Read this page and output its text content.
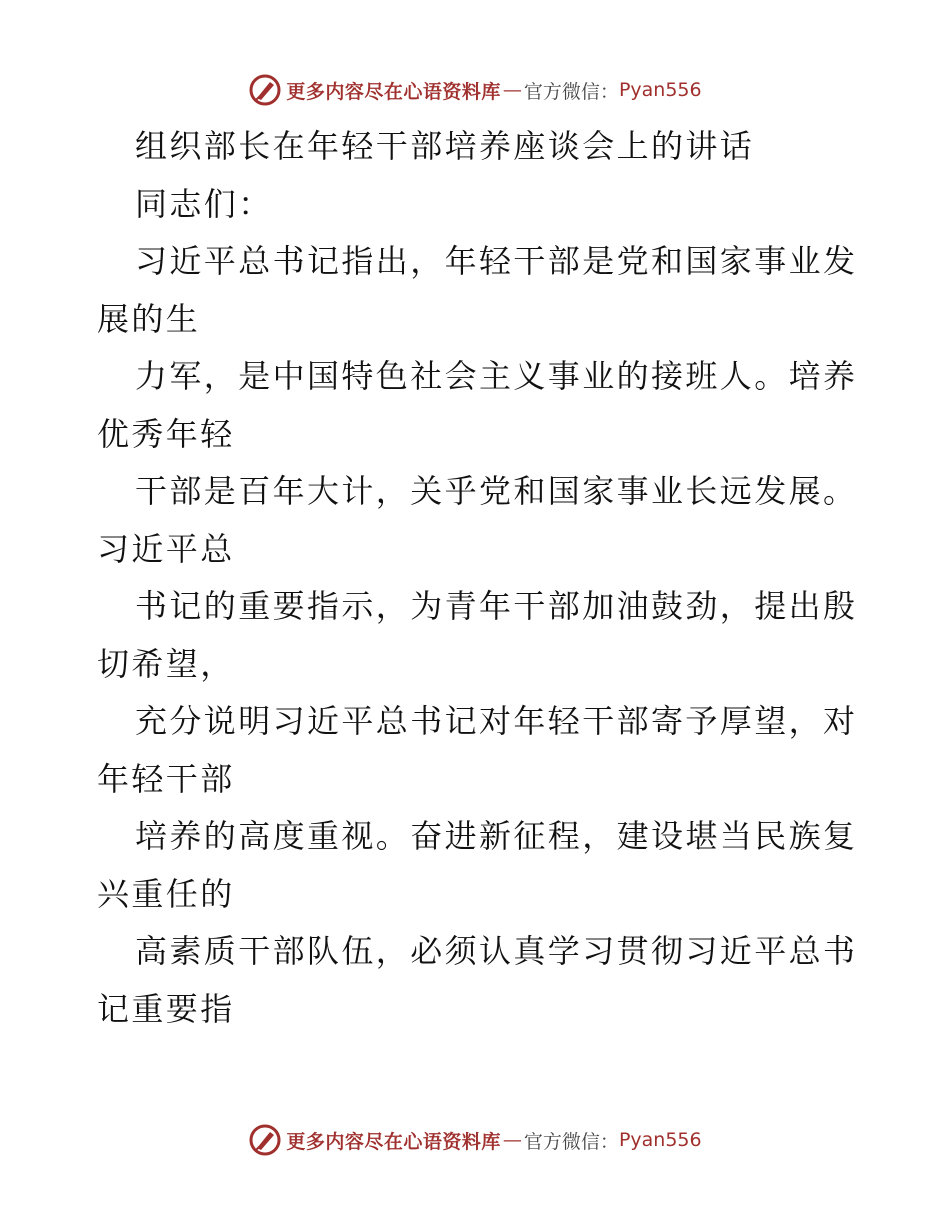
更多内容尽在心语资料库 — 官方微信： Pyan556
组织部长在年轻干部培养座谈会上的讲话
同志们：
习近平总书记指出，年轻干部是党和国家事业发
展的生
力军，是中国特色社会主义事业的接班人。培养
优秀年轻
干部是百年大计，关乎党和国家事业长远发展。
习近平总
书记的重要指示，为青年干部加油鼓劲，提出殷
切希望，
充分说明习近平总书记对年轻干部寄予厚望，对
年轻干部
培养的高度重视。奋进新征程，建设堪当民族复
兴重任的
高素质干部队伍，必须认真学习贯彻习近平总书
记重要指
更多内容尽在心语资料库 — 官方微信： Pyan556
